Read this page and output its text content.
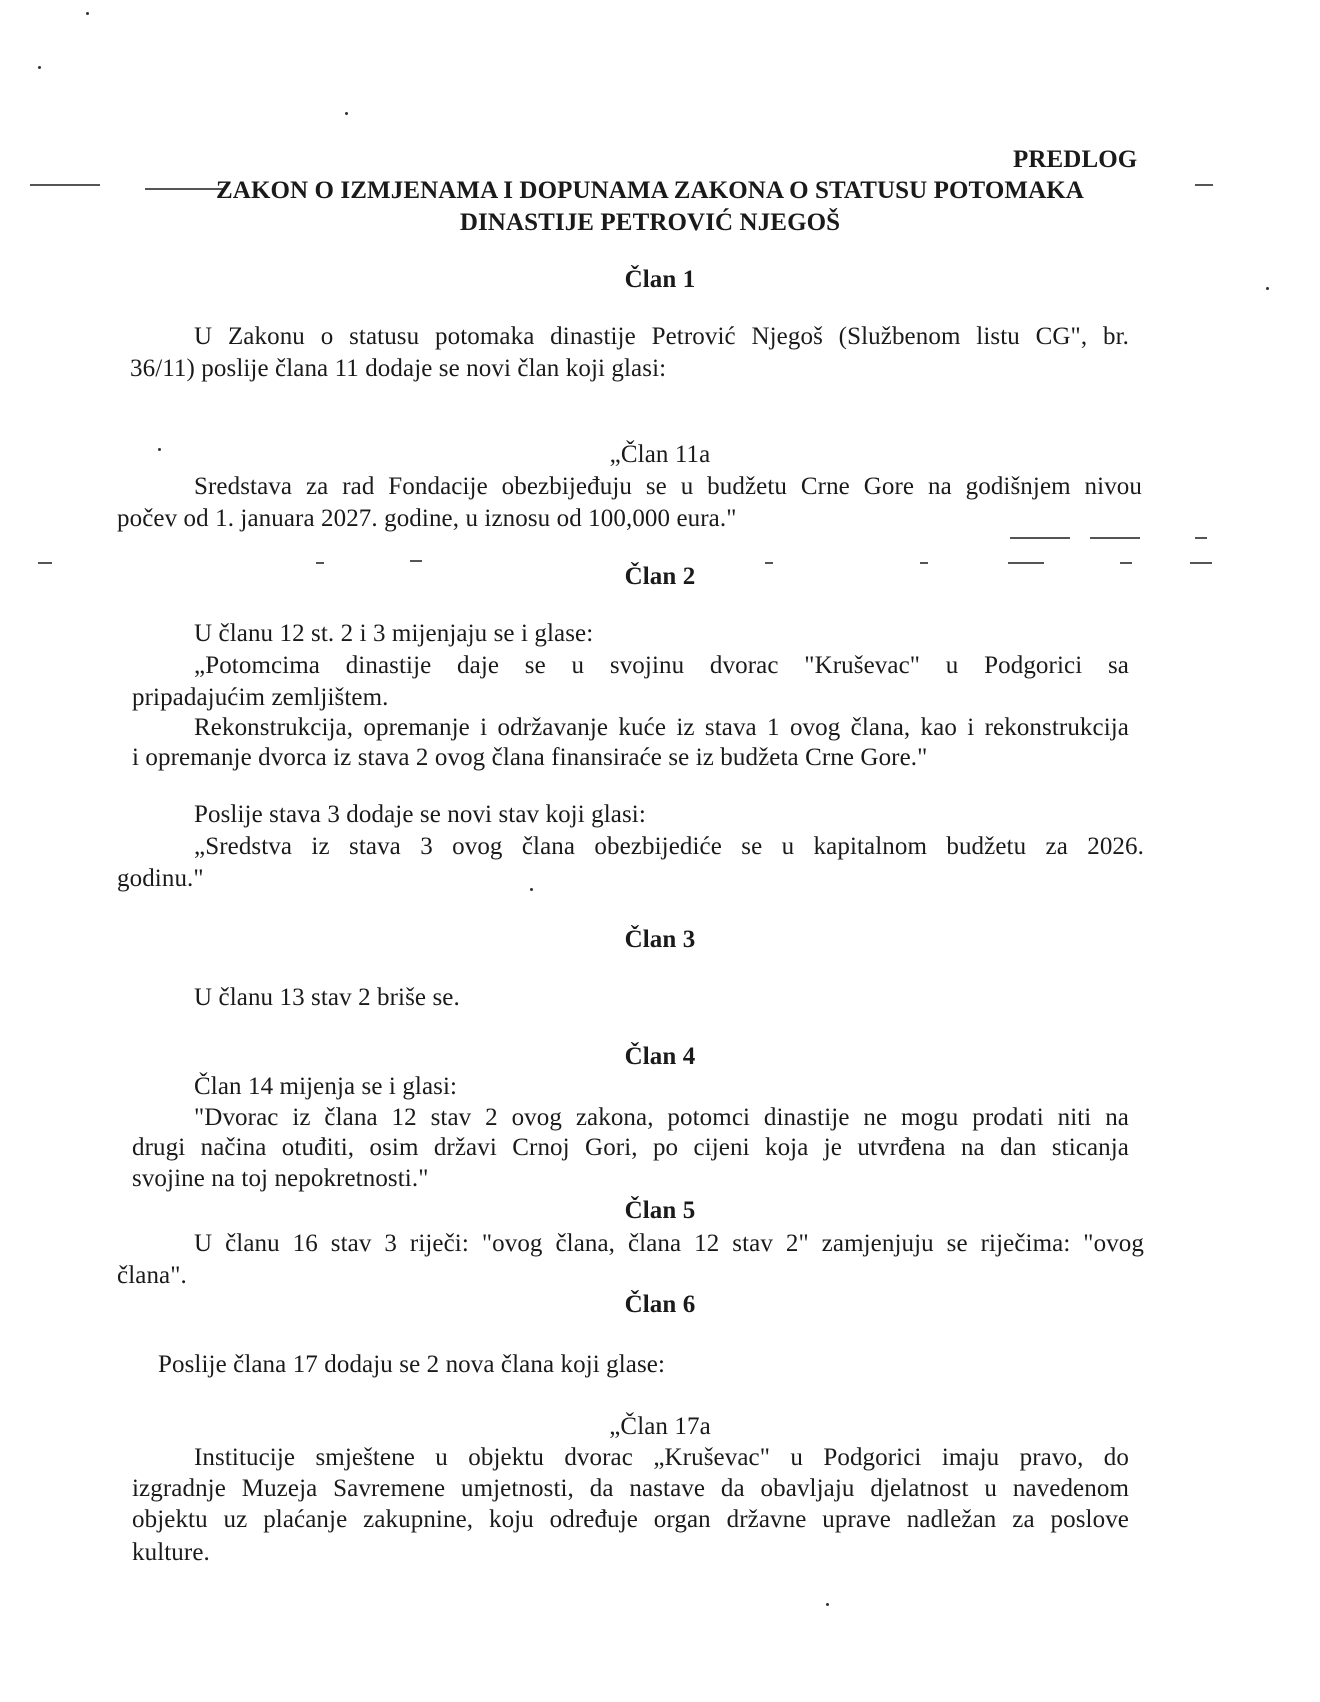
PREDLOG
ZAKON O IZMJENAMA I DOPUNAMA ZAKONA O STATUSU POTOMAKA
DINASTIJE PETROVIĆ NJEGOŠ
Član 1
U Zakonu o statusu potomaka dinastije Petrović Njegoš (Službenom listu CG", br.
36/11) poslije člana 11 dodaje se novi član koji glasi:
„Član 11a
Sredstava za rad Fondacije obezbijeđuju se u budžetu Crne Gore na godišnjem nivou
počev od 1. januara 2027. godine, u iznosu od 100,000 eura."
Član 2
U članu 12 st. 2 i 3 mijenjaju se i glase:
„Potomcima dinastije daje se u svojinu dvorac "Kruševac" u Podgorici sa
pripadajućim zemljištem.
Rekonstrukcija, opremanje i održavanje kuće iz stava 1 ovog člana, kao i rekonstrukcija
i opremanje dvorca iz stava 2 ovog člana finansiraće se iz budžeta Crne Gore."
Poslije stava 3 dodaje se novi stav koji glasi:
„Sredstva iz stava 3 ovog člana obezbijediće se u kapitalnom budžetu za 2026.
godinu."
Član 3
U članu 13 stav 2 briše se.
Član 4
Član 14 mijenja se i glasi:
"Dvorac iz člana 12 stav 2 ovog zakona, potomci dinastije ne mogu prodati niti na
drugi načina otuđiti, osim državi Crnoj Gori, po cijeni koja je utvrđena na dan sticanja
svojine na toj nepokretnosti."
Član 5
U članu 16 stav 3 riječi: "ovog člana, člana 12 stav 2" zamjenjuju se riječima: "ovog
člana".
Član 6
Poslije člana 17 dodaju se 2 nova člana koji glase:
„Član 17a
Institucije smještene u objektu dvorac „Kruševac" u Podgorici imaju pravo, do
izgradnje Muzeja Savremene umjetnosti, da nastave da obavljaju djelatnost u navedenom
objektu uz plaćanje zakupnine, koju određuje organ državne uprave nadležan za poslove
kulture.
